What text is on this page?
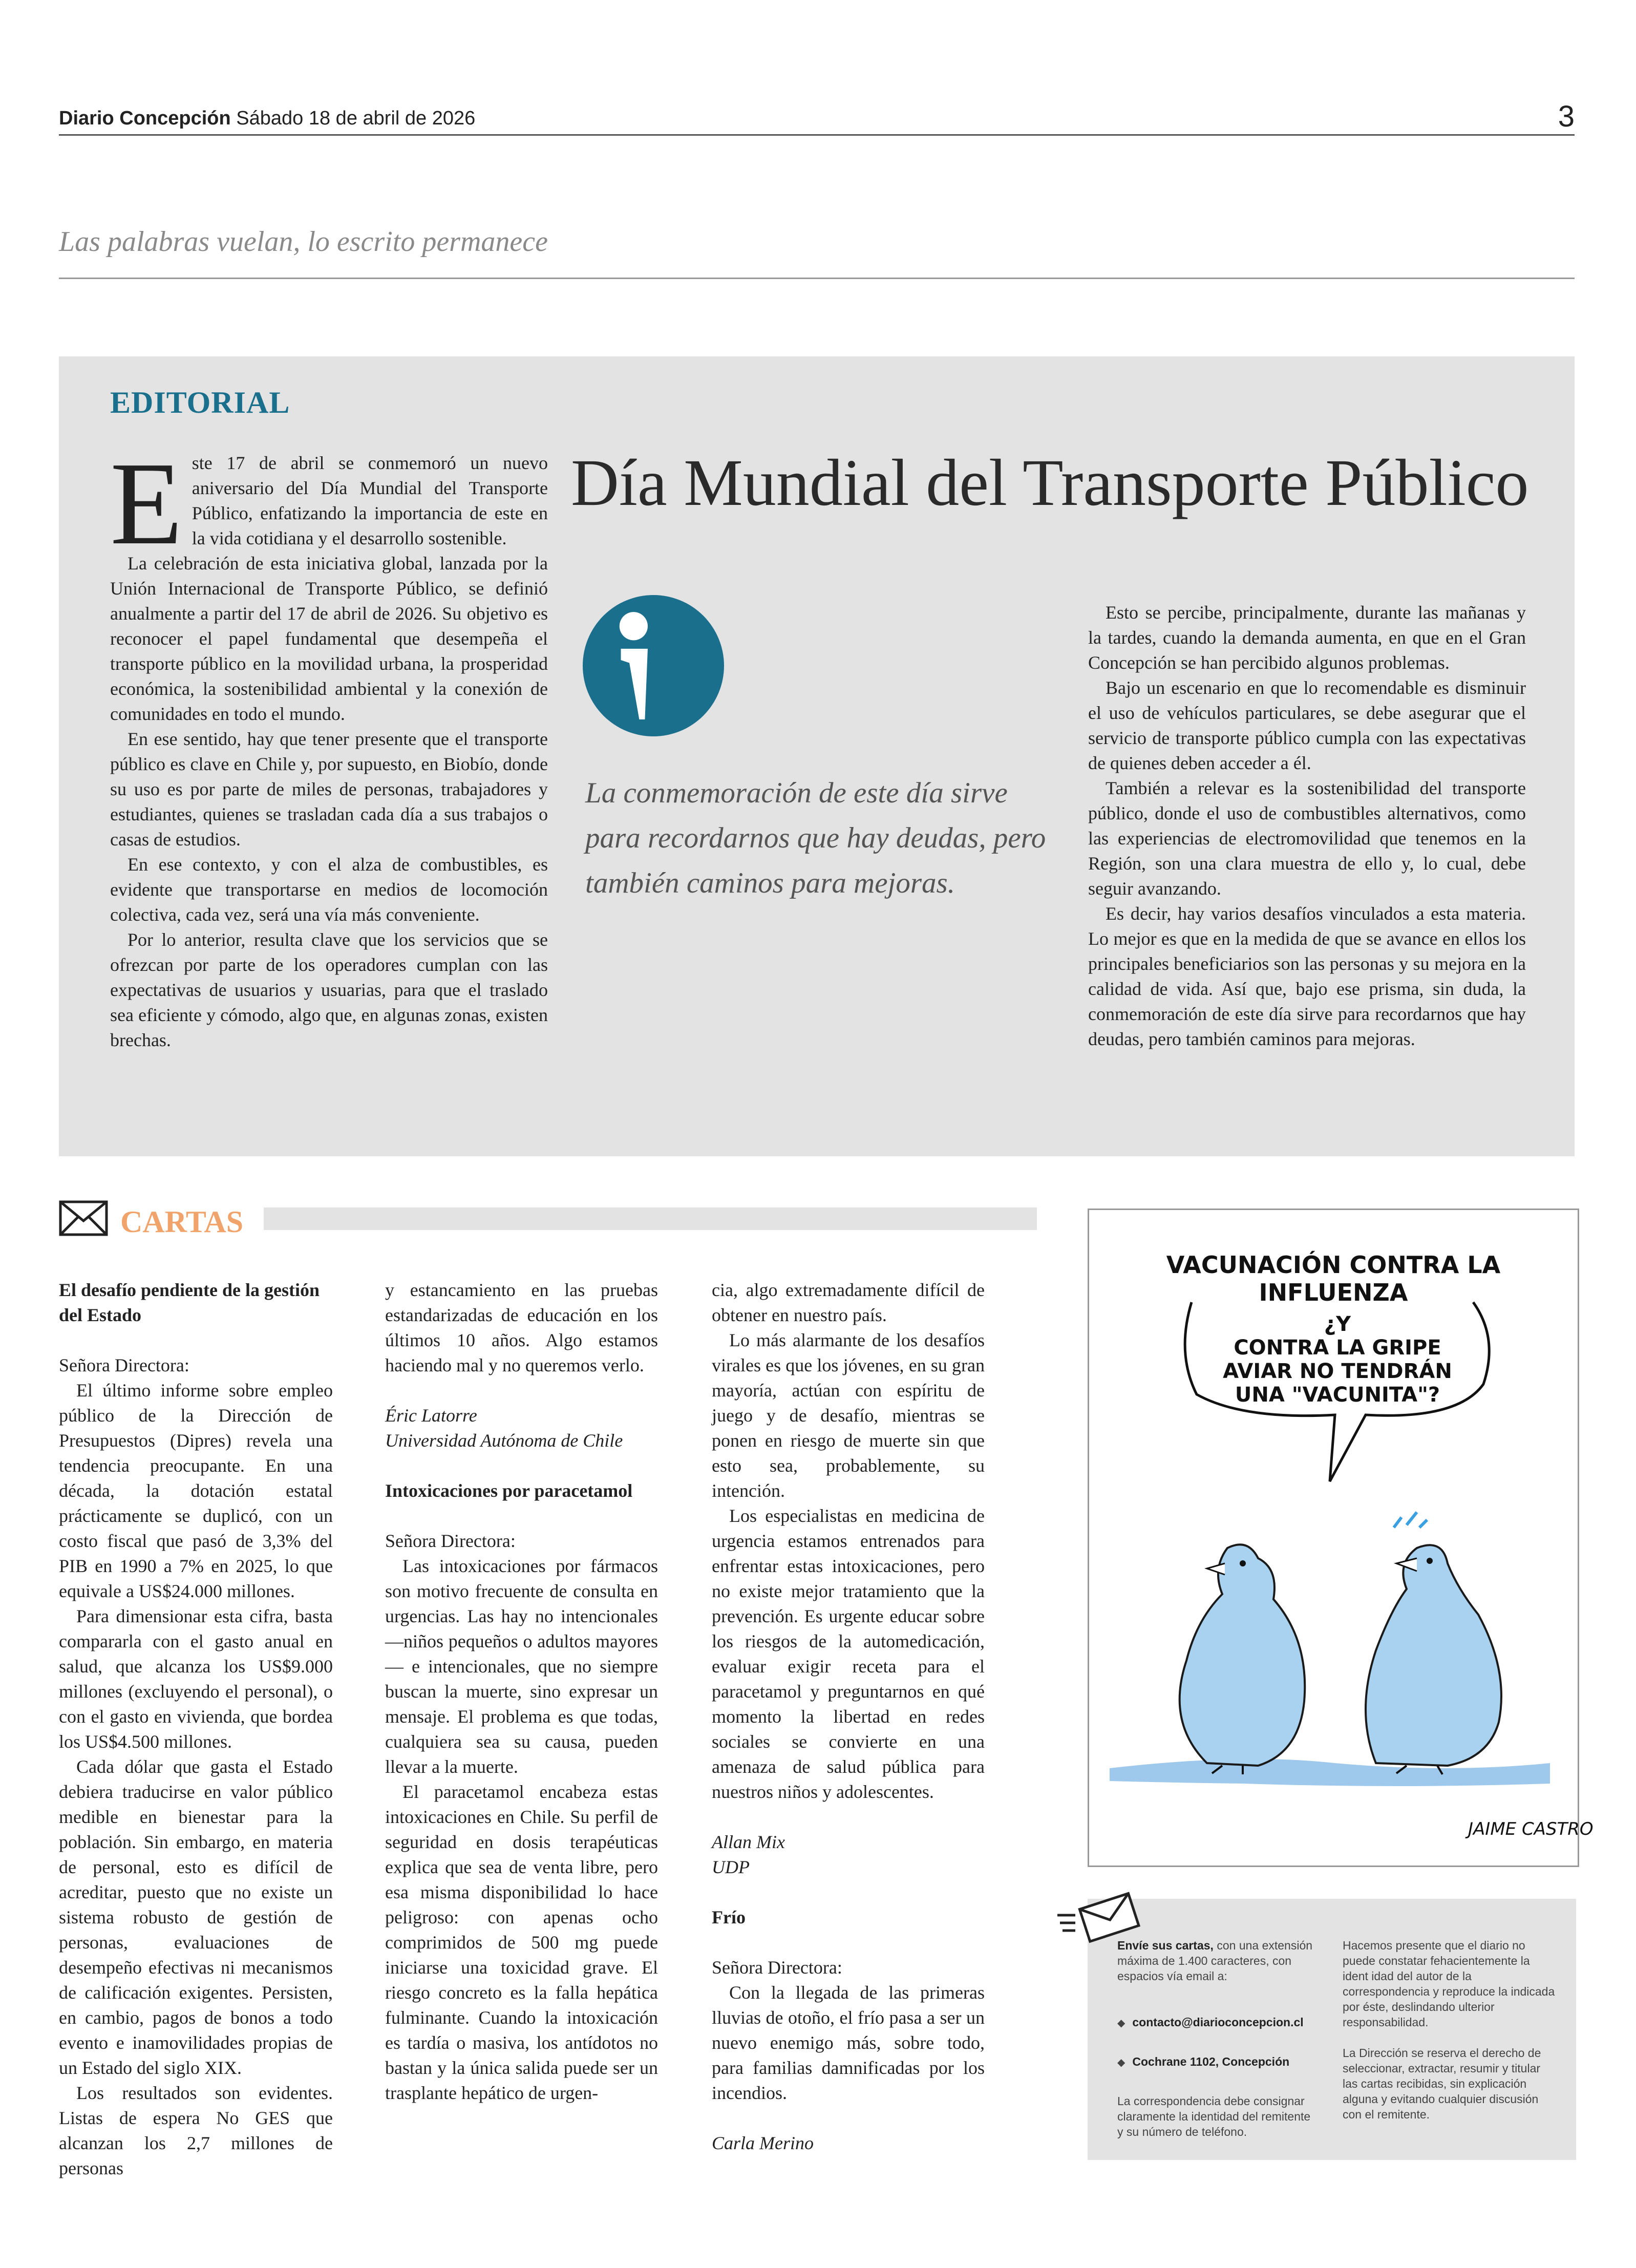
Diario Concepción Sábado 18 de abril de 2026	3
Las palabras vuelan, lo escrito permanece
EDITORIAL
Día Mundial del Transporte Público

Este 17 de abril se conmemoró un nuevo aniversario del Día Mundial del Transporte Público, enfatizando la importancia de este en la vida cotidiana y el desarrollo sostenible.

La celebración de esta iniciativa global, lanzada por la Unión Internacional de Transporte Público, se definió anualmente a partir del 17 de abril de 2026. Su objetivo es reconocer el papel fundamental que desempeña el transporte público en la movilidad urbana, la prosperidad económica, la sostenibilidad ambiental y la conexión de comunidades en todo el mundo.

En ese sentido, hay que tener presente que el transporte público es clave en Chile y, por supuesto, en Biobío, donde su uso es por parte de miles de personas, trabajadores y estudiantes, quienes se trasladan cada día a sus trabajos o casas de estudios.

En ese contexto, y con el alza de combustibles, es evidente que transportarse en medios de locomoción colectiva, cada vez, será una vía más conveniente.

Por lo anterior, resulta clave que los servicios que se ofrezcan por parte de los operadores cumplan con las expectativas de usuarios y usuarias, para que el traslado sea eficiente y cómodo, algo que, en algunas zonas, existen brechas.

La conmemoración de este día sirve para recordarnos que hay deudas, pero también caminos para mejoras.

Esto se percibe, principalmente, durante las mañanas y la tardes, cuando la demanda aumenta, en que en el Gran Concepción se han percibido algunos problemas.

Bajo un escenario en que lo recomendable es disminuir el uso de vehículos particulares, se debe asegurar que el servicio de transporte público cumpla con las expectativas de quienes deben acceder a él.

También a relevar es la sostenibilidad del transporte público, donde el uso de combustibles alternativos, como las experiencias de electromovilidad que tenemos en la Región, son una clara muestra de ello y, lo cual, debe seguir avanzando.

Es decir, hay varios desafíos vinculados a esta materia. Lo mejor es que en la medida de que se avance en ellos los principales beneficiarios son las personas y su mejora en la calidad de vida. Así que, bajo ese prisma, sin duda, la conmemoración de este día sirve para recordarnos que hay deudas, pero también caminos para mejoras.

CARTAS

El desafío pendiente de la gestión del Estado

Señora Directora:

El último informe sobre empleo público de la Dirección de Presupuestos (Dipres) revela una tendencia preocupante. En una década, la dotación estatal prácticamente se duplicó, con un costo fiscal que pasó de 3,3% del PIB en 1990 a 7% en 2025, lo que equivale a US$24.000 millones.

Para dimensionar esta cifra, basta compararla con el gasto anual en salud, que alcanza los US$9.000 millones (excluyendo el personal), o con el gasto en vivienda, que bordea los US$4.500 millones.

Cada dólar que gasta el Estado debiera traducirse en valor público medible en bienestar para la población. Sin embargo, en materia de personal, esto es difícil de acreditar, puesto que no existe un sistema robusto de gestión de personas, evaluaciones de desempeño efectivas ni mecanismos de calificación exigentes. Persisten, en cambio, pagos de bonos a todo evento e inamovilidades propias de un Estado del siglo XIX.

Los resultados son evidentes. Listas de espera No GES que alcanzan los 2,7 millones de personas

y estancamiento en las pruebas estandarizadas de educación en los últimos 10 años. Algo estamos haciendo mal y no queremos verlo.

Éric Latorre

Universidad Autónoma de Chile

Intoxicaciones por paracetamol

Señora Directora:

Las intoxicaciones por fármacos son motivo frecuente de consulta en urgencias. Las hay no intencionales —niños pequeños o adultos mayores— e intencionales, que no siempre buscan la muerte, sino expresar un mensaje. El problema es que todas, cualquiera sea su causa, pueden llevar a la muerte.

El paracetamol encabeza estas intoxicaciones en Chile. Su perfil de seguridad en dosis terapéuticas explica que sea de venta libre, pero esa misma disponibilidad lo hace peligroso: con apenas ocho comprimidos de 500 mg puede iniciarse una toxicidad grave. El riesgo concreto es la falla hepática fulminante. Cuando la intoxicación es tardía o masiva, los antídotos no bastan y la única salida puede ser un trasplante hepático de urgen-

cia, algo extremadamente difícil de obtener en nuestro país.

Lo más alarmante de los desafíos virales es que los jóvenes, en su gran mayoría, actúan con espíritu de juego y de desafío, mientras se ponen en riesgo de muerte sin que esto sea, probablemente, su intención.

Los especialistas en medicina de urgencia estamos entrenados para enfrentar estas intoxicaciones, pero no existe mejor tratamiento que la prevención. Es urgente educar sobre los riesgos de la automedicación, evaluar exigir receta para el paracetamol y preguntarnos en qué momento la libertad en redes sociales se convierte en una amenaza de salud pública para nuestros niños y adolescentes.

Allan Mix

UDP

Frío

Señora Directora:

Con la llegada de las primeras lluvias de otoño, el frío pasa a ser un nuevo enemigo más, sobre todo, para familias damnificadas por los incendios.

Carla Merino

JAIME CASTRO
VACUNACIÓN CONTRA LA INFLUENZA
¿Y
CONTRA LA GRIPE
AVIAR NO TENDRÁN
UNA "VACUNITA"?

Envíe sus cartas, con una extensión máxima de 1.400 caracteres, con espacios vía email a:

◆ contacto@diarioconcepcion.cl

◆ Cochrane 1102, Concepción

La correspondencia debe consignar claramente la identidad del remitente y su número de teléfono.

Hacemos presente que el diario no puede constatar fehacientemente la ident idad del autor de la correspondencia y reproduce la indicada por éste, deslindando ulterior responsabilidad.

La Dirección se reserva el derecho de seleccionar, extractar, resumir y titular las cartas recibidas, sin explicación alguna y evitando cualquier discusión con el remitente.
